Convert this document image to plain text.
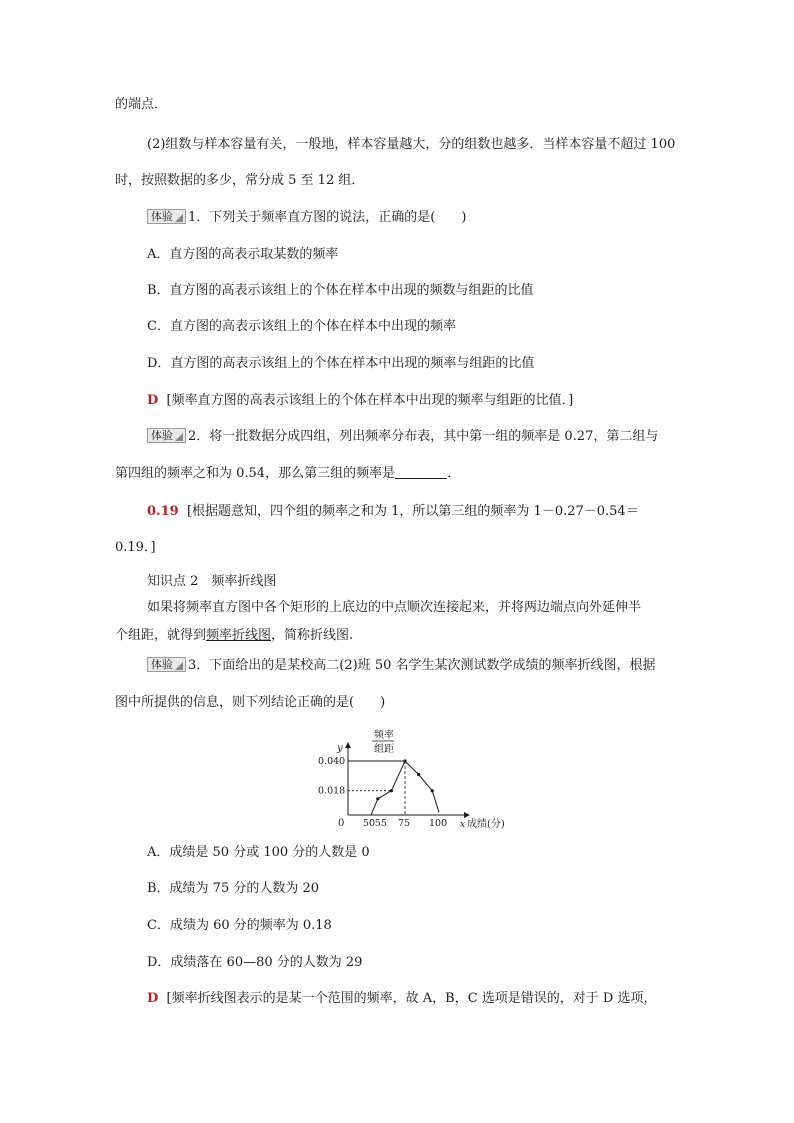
的端点．
(2)组数与样本容量有关，一般地，样本容量越大，分的组数也越多．当样本容量不超过 100
时，按照数据的多少，常分成 5 至 12 组．
体验 1．下列关于频率直方图的说法，正确的是(　　)
A．直方图的高表示取某数的频率
B．直方图的高表示该组上的个体在样本中出现的频数与组距的比值
C．直方图的高表示该组上的个体在样本中出现的频率
D．直方图的高表示该组上的个体在样本中出现的频率与组距的比值
D [频率直方图的高表示该组上的个体在样本中出现的频率与组距的比值．]
体验 2．将一批数据分成四组，列出频率分布表，其中第一组的频率是 0.27，第二组与
第四组的频率之和为 0.54，那么第三组的频率是	．
0.19 [根据题意知，四个组的频率之和为 1，所以第三组的频率为 1－0.27－0.54＝
0.19．]
知识点 2　频率折线图
如果将频率直方图中各个矩形的上底边的中点顺次连接起来，并将两边端点向外延伸半
个组距，就得到频率折线图，简称折线图.
体验 3．下面给出的是某校高二(2)班 50 名学生某次测试数学成绩的频率折线图，根据
图中所提供的信息，则下列结论正确的是(　　)
频率
组距
y
x 成绩(分)
0
0.018
0.040
50 55 75 100
A．成绩是 50 分或 100 分的人数是 0
B．成绩为 75 分的人数为 20
C．成绩为 60 分的频率为 0.18
D．成绩落在 60—80 分的人数为 29
D [频率折线图表示的是某一个范围的频率，故 A，B，C 选项是错误的，对于 D 选项，
